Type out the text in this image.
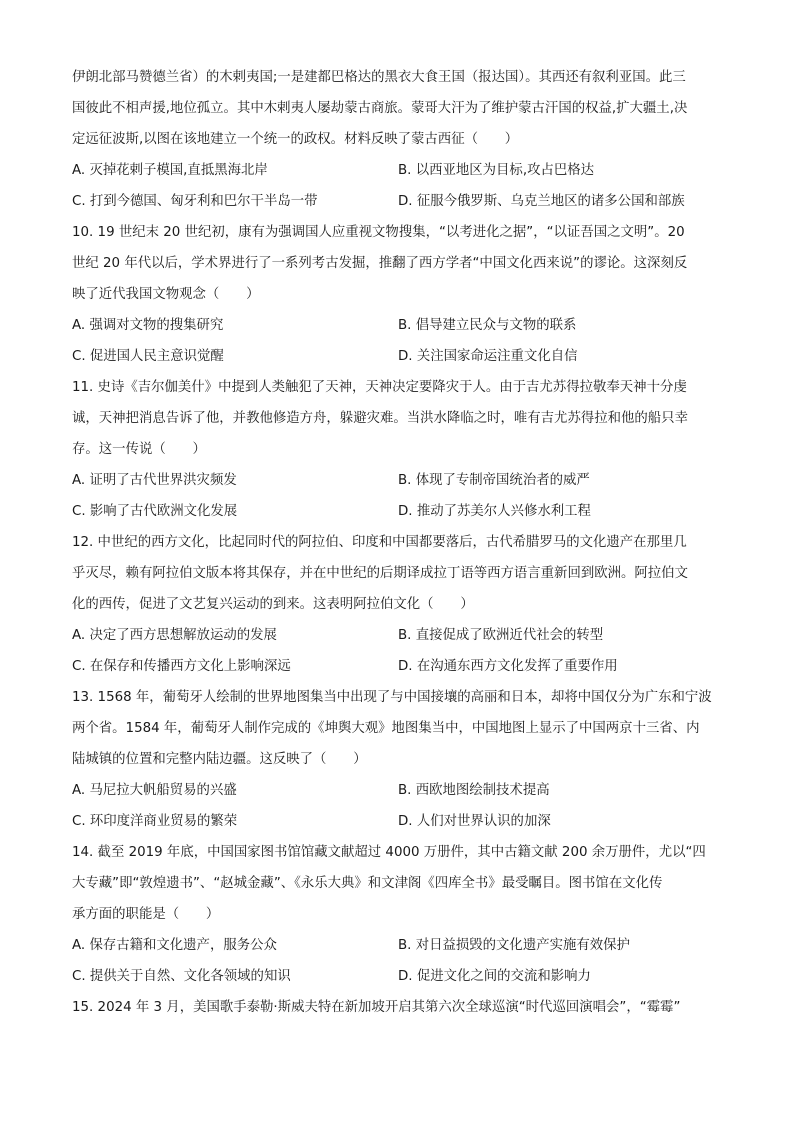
伊朗北部马赞德兰省）的木剌夷国;一是建都巴格达的黑衣大食王国（报达国）。其西还有叙利亚国。此三

国彼此不相声援,地位孤立。其中木剌夷人屡劫蒙古商旅。蒙哥大汗为了维护蒙古汗国的权益,扩大疆土,决

定远征波斯,以图在该地建立一个统一的政权。材料反映了蒙古西征（　　）

A. 灭掉花剌子模国,直抵黑海北岸	B. 以西亚地区为目标,攻占巴格达
C. 打到今德国、匈牙利和巴尔干半岛一带	D. 征服今俄罗斯、乌克兰地区的诸多公国和部族

10. 19 世纪末 20 世纪初，康有为强调国人应重视文物搜集，“以考进化之据”，“以证吾国之文明”。20

世纪 20 年代以后，学术界进行了一系列考古发掘，推翻了西方学者“中国文化西来说”的谬论。这深刻反

映了近代我国文物观念（　　）

A. 强调对文物的搜集研究	B. 倡导建立民众与文物的联系
C. 促进国人民主意识觉醒	D. 关注国家命运注重文化自信

11. 史诗《吉尔伽美什》中提到人类触犯了天神，天神决定要降灾于人。由于吉尤苏得拉敬奉天神十分虔

诚，天神把消息告诉了他，并教他修造方舟，躲避灾难。当洪水降临之时，唯有吉尤苏得拉和他的船只幸

存。这一传说（　　）

A. 证明了古代世界洪灾频发	B. 体现了专制帝国统治者的威严
C. 影响了古代欧洲文化发展	D. 推动了苏美尔人兴修水利工程

12. 中世纪的西方文化，比起同时代的阿拉伯、印度和中国都要落后，古代希腊罗马的文化遗产在那里几

乎灭尽，赖有阿拉伯文版本将其保存，并在中世纪的后期译成拉丁语等西方语言重新回到欧洲。阿拉伯文

化的西传，促进了文艺复兴运动的到来。这表明阿拉伯文化（　　）

A. 决定了西方思想解放运动的发展	B. 直接促成了欧洲近代社会的转型
C. 在保存和传播西方文化上影响深远	D. 在沟通东西方文化发挥了重要作用

13. 1568 年，葡萄牙人绘制的世界地图集当中出现了与中国接壤的高丽和日本，却将中国仅分为广东和宁波

两个省。1584 年，葡萄牙人制作完成的《坤舆大观》地图集当中，中国地图上显示了中国两京十三省、内

陆城镇的位置和完整内陆边疆。这反映了（　　）

A. 马尼拉大帆船贸易的兴盛	B. 西欧地图绘制技术提高
C. 环印度洋商业贸易的繁荣	D. 人们对世界认识的加深

14. 截至 2019 年底，中国国家图书馆馆藏文献超过 4000 万册件，其中古籍文献 200 余万册件，尤以“四

大专藏”即“敦煌遗书”、“赵城金藏”、《永乐大典》和文津阁《四库全书》最受瞩目。图书馆在文化传

承方面的职能是（　　）

A. 保存古籍和文化遗产，服务公众	B. 对日益损毁的文化遗产实施有效保护
C. 提供关于自然、文化各领域的知识	D. 促进文化之间的交流和影响力

15. 2024 年 3 月，美国歌手泰勒·斯威夫特在新加坡开启其第六次全球巡演“时代巡回演唱会”，“霉霉”
